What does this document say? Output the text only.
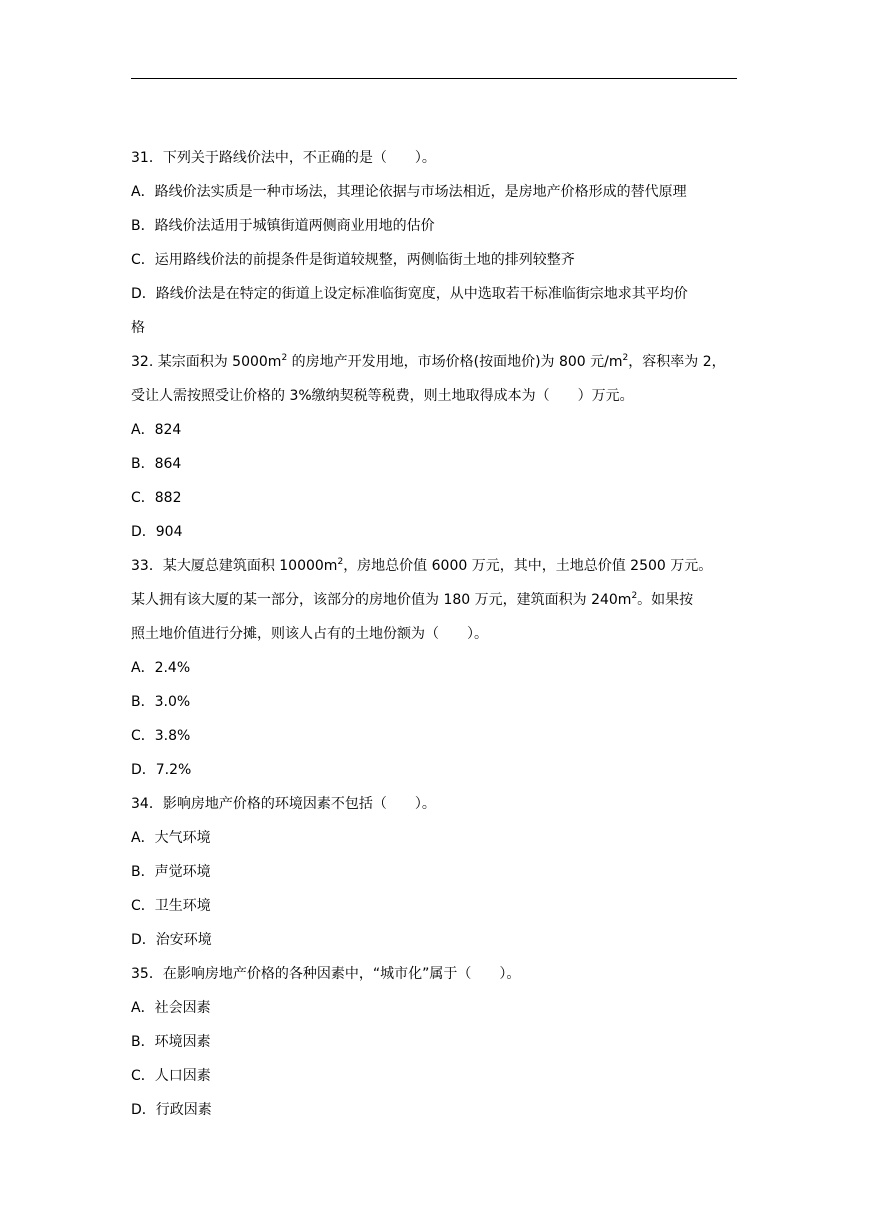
31．下列关于路线价法中，不正确的是（　　）。
A．路线价法实质是一种市场法，其理论依据与市场法相近，是房地产价格形成的替代原理
B．路线价法适用于城镇街道两侧商业用地的估价
C．运用路线价法的前提条件是街道较规整，两侧临街土地的排列较整齐
D．路线价法是在特定的街道上设定标准临街宽度，从中选取若干标准临街宗地求其平均价
格
32. 某宗面积为 $5000m^2$ 的房地产开发用地，市场价格(按面地价)为 800 元$/m^2$，容积率为 2，
受让人需按照受让价格的 3%缴纳契税等税费，则土地取得成本为（　　）万元。
A．824
B．864
C．882
D．904
33．某大厦总建筑面积 $10000m^2$，房地总价值 6000 万元，其中，土地总价值 2500 万元。
某人拥有该大厦的某一部分，该部分的房地价值为 180 万元，建筑面积为 $240m^2$。如果按
照土地价值进行分摊，则该人占有的土地份额为（　　）。
A．2.4%
B．3.0%
C．3.8%
D．7.2%
34．影响房地产价格的环境因素不包括（　　）。
A．大气环境
B．声觉环境
C．卫生环境
D．治安环境
35．在影响房地产价格的各种因素中，“城市化”属于（　　）。
A．社会因素
B．环境因素
C．人口因素
D．行政因素
